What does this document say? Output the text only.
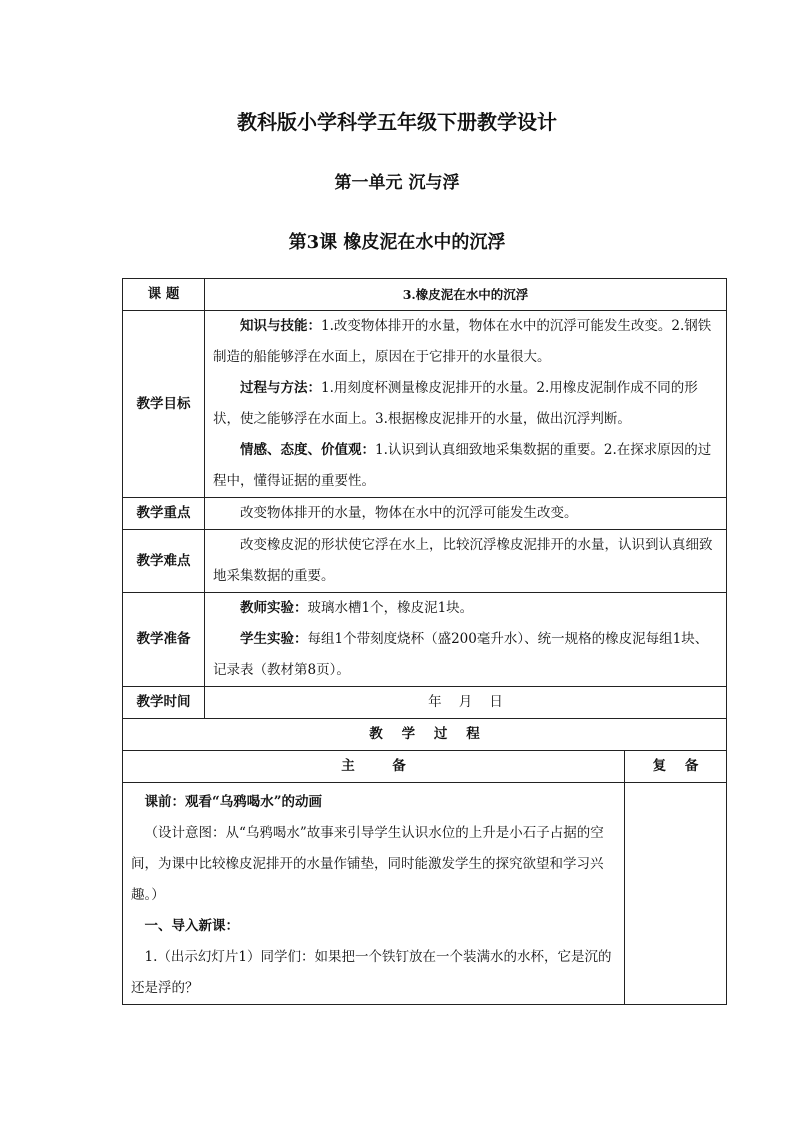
教科版小学科学五年级下册教学设计
第一单元 沉与浮
第3课 橡皮泥在水中的沉浮
课 题	3.橡皮泥在水中的沉浮	
教学目标	知识与技能：1.改变物体排开的水量，物体在水中的沉浮可能发生改变。2.钢铁制造的船能够浮在水面上，原因在于它排开的水量很大。

过程与方法：1.用刻度杯测量橡皮泥排开的水量。2.用橡皮泥制作成不同的形状，使之能够浮在水面上。3.根据橡皮泥排开的水量，做出沉浮判断。

情感、态度、价值观：1.认识到认真细致地采集数据的重要。2.在探求原因的过程中，懂得证据的重要性。	

教学重点	改变物体排开的水量，物体在水中的沉浮可能发生改变。	

教学难点	改变橡皮泥的形状使它浮在水上，比较沉浮橡皮泥排开的水量，认识到认真细致地采集数据的重要。	

教学准备	教师实验：玻璃水槽1个，橡皮泥1块。

学生实验：每组1个带刻度烧杯（盛200毫升水）、统一规格的橡皮泥每组1块、记录表（教材第8页）。	

教学时间	年    月    日	
教    学    过    程		
主        备		复    备

课前：观看“乌鸦喝水”的动画

（设计意图：从“乌鸦喝水”故事来引导学生认识水位的上升是小石子占据的空间，为课中比较橡皮泥排开的水量作铺垫，同时能激发学生的探究欲望和学习兴趣。）

一、导入新课：

1.（出示幻灯片1）同学们：如果把一个铁钉放在一个装满水的水杯，它是沉的还是浮的？		
